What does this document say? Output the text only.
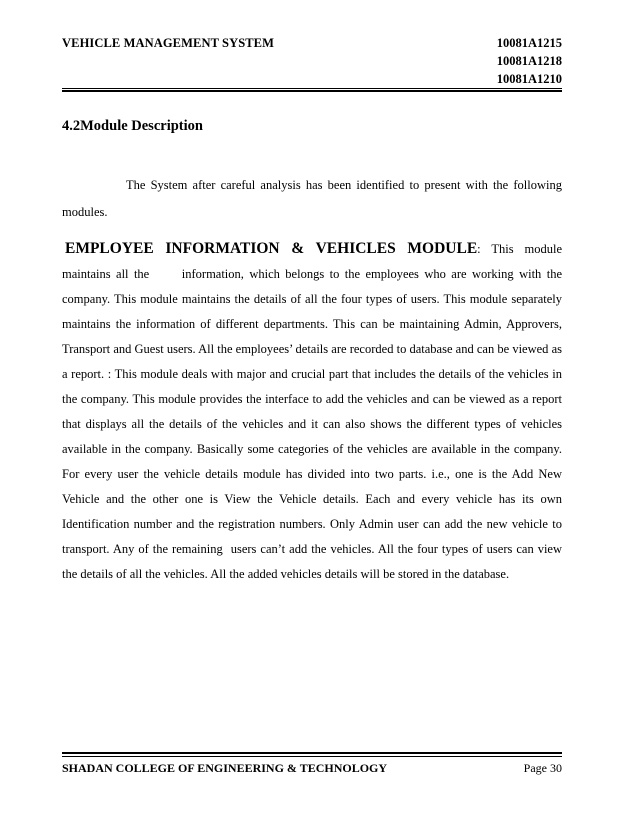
VEHICLE MANAGEMENT SYSTEM	10081A1215
10081A1218
10081A1210
4.2Module Description

The System after careful analysis has been identified to present with the following modules.

EMPLOYEE INFORMATION & VEHICLES MODULE: This module maintains all the      information, which belongs to the employees who are working with the company. This module maintains the details of all the four types of users. This module separately maintains the information of different departments. This can be maintaining Admin, Approvers, Transport and Guest users. All the employees’ details are recorded to database and can be viewed as a report. : This module deals with major and crucial part that includes the details of the vehicles in the company. This module provides the interface to add the vehicles and can be viewed as a report that displays all the details of the vehicles and it can also shows the different types of vehicles available in the company. Basically some categories of the vehicles are available in the company. For every user the vehicle details module has divided into two parts. i.e., one is the Add New Vehicle and the other one is View the Vehicle details. Each and every vehicle has its own Identification number and the registration numbers. Only Admin user can add the new vehicle to transport. Any of the remaining  users can’t add the vehicles. All the four types of users can view the details of all the vehicles. All the added vehicles details will be stored in the database.

SHADAN COLLEGE OF ENGINEERING & TECHNOLOGY	Page 30
